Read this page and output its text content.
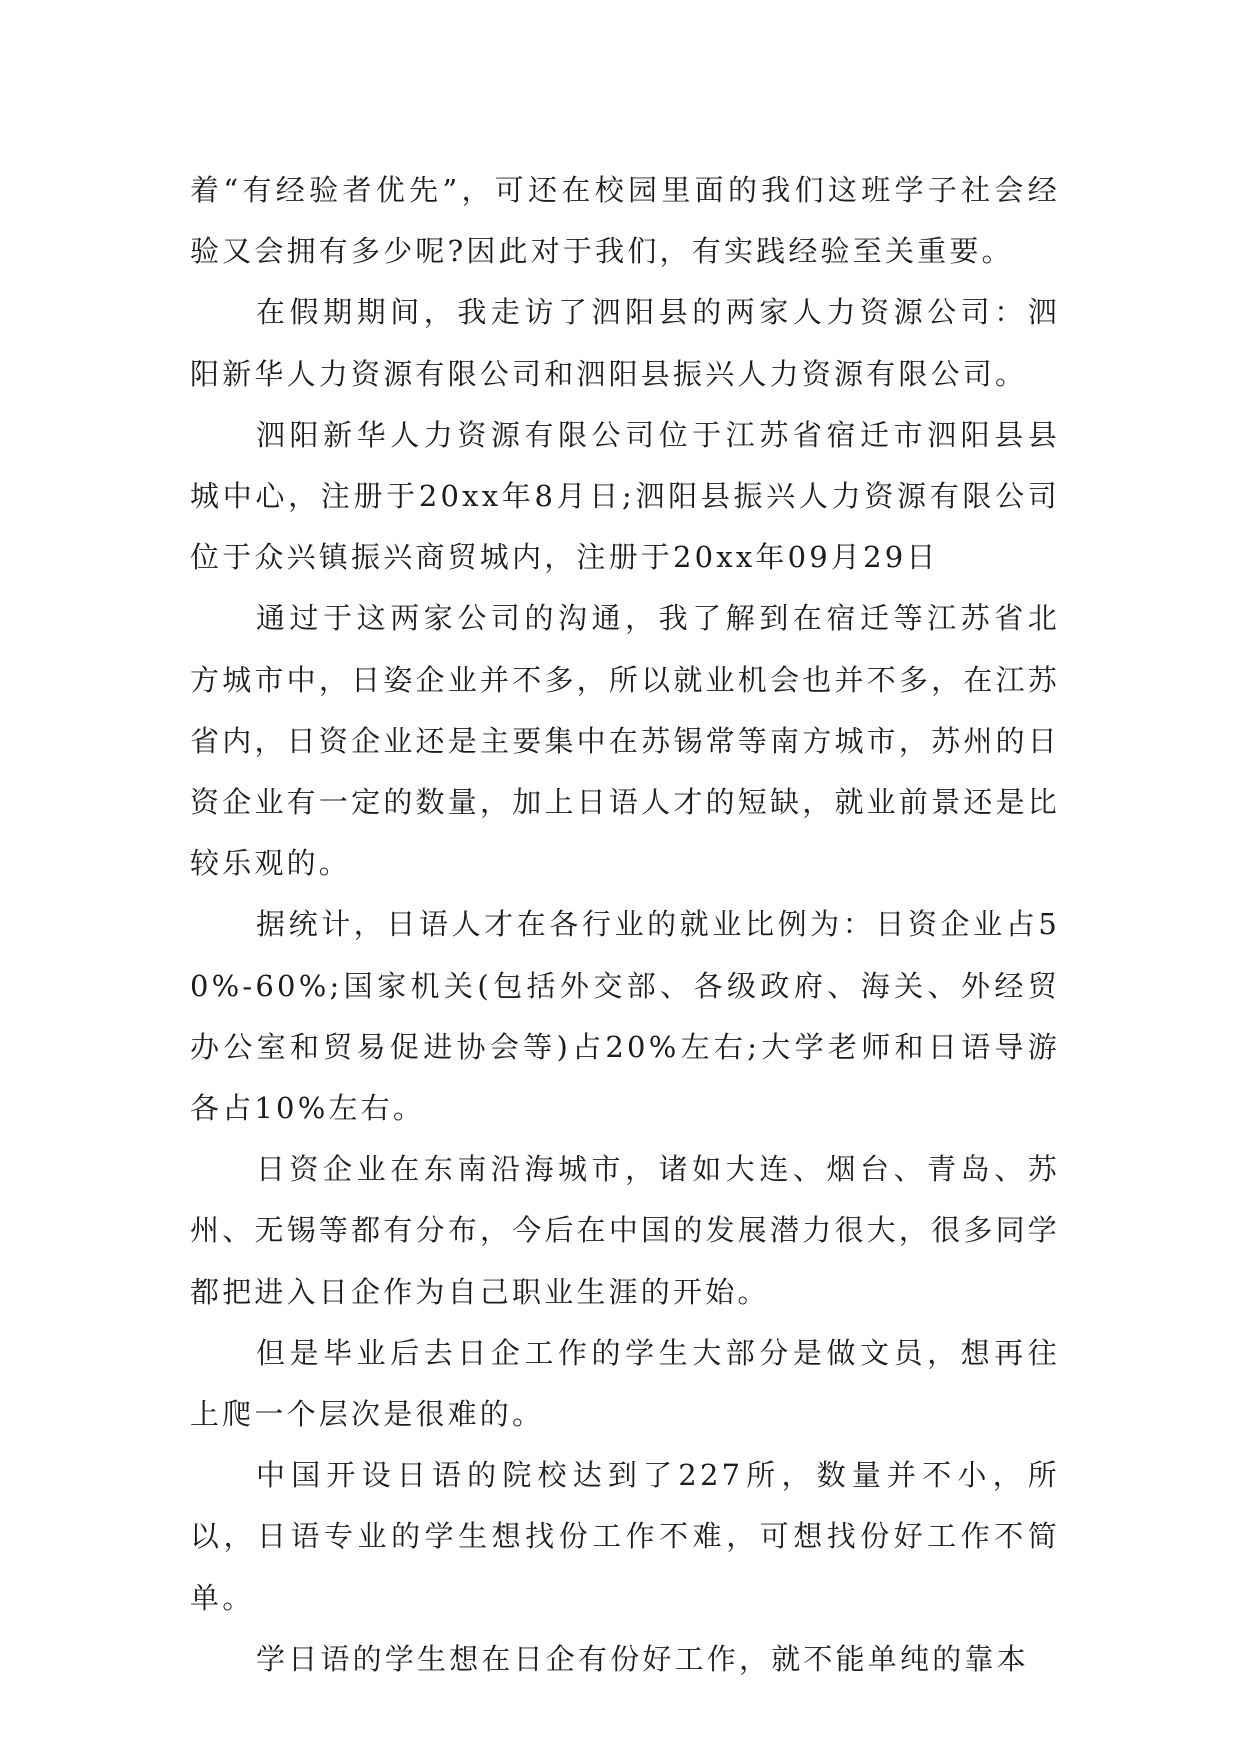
着“有经验者优先”，可还在校园里面的我们这班学子社会经验又会拥有多少呢?因此对于我们，有实践经验至关重要。

在假期期间，我走访了泗阳县的两家人力资源公司：泗阳新华人力资源有限公司和泗阳县振兴人力资源有限公司。

泗阳新华人力资源有限公司位于江苏省宿迁市泗阳县县城中心，注册于20xx年8月日;泗阳县振兴人力资源有限公司位于众兴镇振兴商贸城内，注册于20xx年09月29日

通过于这两家公司的沟通，我了解到在宿迁等江苏省北方城市中，日姿企业并不多，所以就业机会也并不多，在江苏省内，日资企业还是主要集中在苏锡常等南方城市，苏州的日资企业有一定的数量，加上日语人才的短缺，就业前景还是比较乐观的。

据统计，日语人才在各行业的就业比例为：日资企业占50%-60%;国家机关(包括外交部、各级政府、海关、外经贸办公室和贸易促进协会等)占20%左右;大学老师和日语导游各占10%左右。

日资企业在东南沿海城市，诸如大连、烟台、青岛、苏州、无锡等都有分布，今后在中国的发展潜力很大，很多同学都把进入日企作为自己职业生涯的开始。

但是毕业后去日企工作的学生大部分是做文员，想再往上爬一个层次是很难的。

中国开设日语的院校达到了227所，数量并不小，所以，日语专业的学生想找份工作不难，可想找份好工作不简单。

学日语的学生想在日企有份好工作，就不能单纯的靠本
